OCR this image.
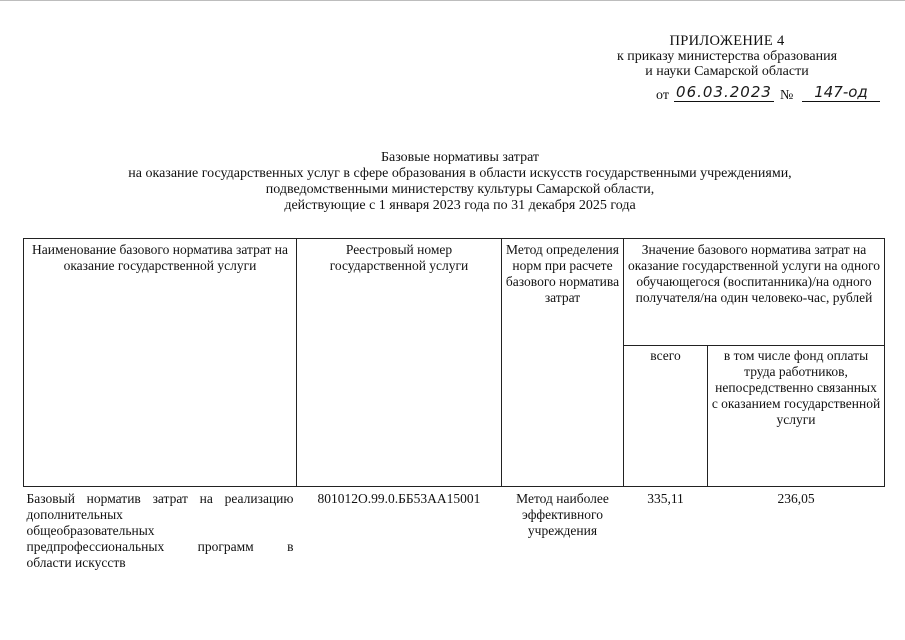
ПРИЛОЖЕНИЕ 4
к приказу министерства образования
и науки Самарской области
от 06.03.2023 №	147-од
Базовые нормативы затрат
на оказание государственных услуг в сфере образования в области искусств государственными учреждениями,
подведомственными министерству культуры Самарской области,
действующие с 1 января 2023 года по 31 декабря 2025 года
Наименование базового норматива затрат на оказание государственной услуги	Реестровый номер государственной услуги	Метод определения норм при расчете базового норматива затрат	Значение базового норматива затрат на оказание государственной услуги на одного обучающегося (воспитанника)/на одного получателя/на один человеко-час, рублей	
			всего	в том числе фонд оплаты труда работников, непосредственно связанных с оказанием государственной услуги

Базовый норматив затрат на реализацию дополнительных
общеобразовательных предпрофессиональных программ в
области искусств	801012О.99.0.ББ53АА15001	Метод наиболее эффективного учреждения	335,11	236,05
